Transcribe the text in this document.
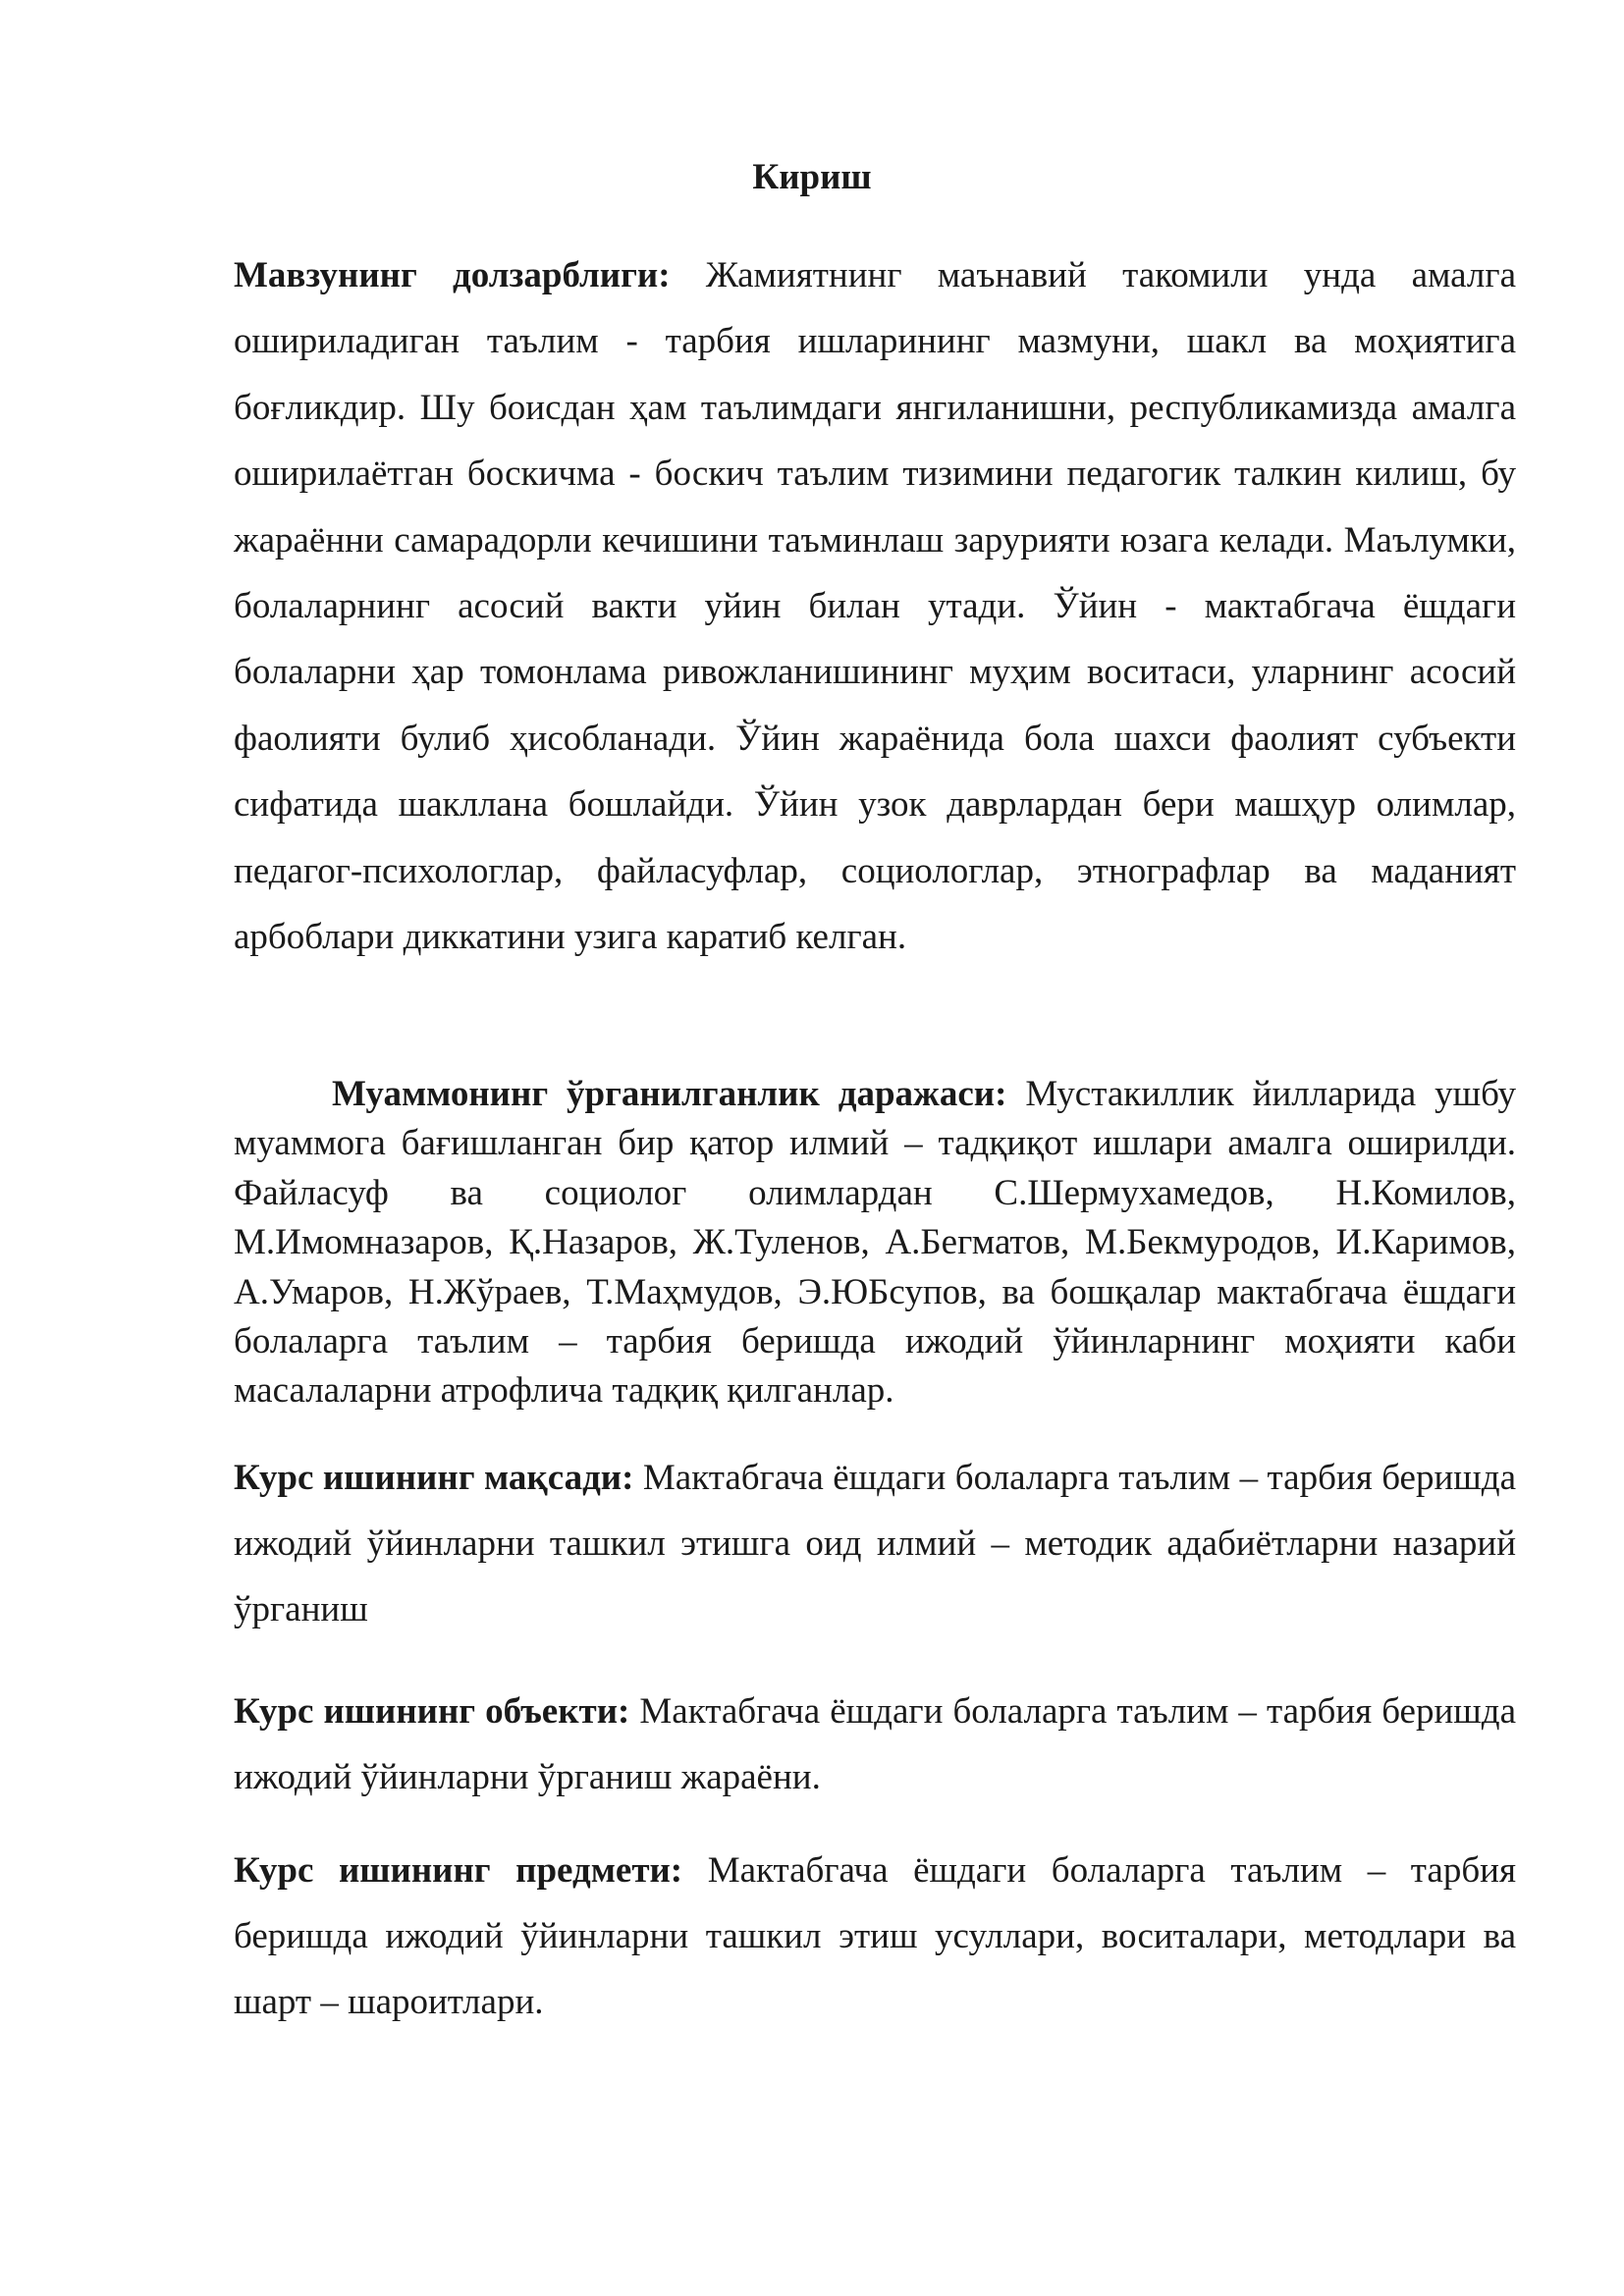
Кириш

Мавзунинг долзарблиги: Жамиятнинг маънавий такомили унда амалга ошириладиган таълим - тарбия ишларининг мазмуни, шакл ва моҳиятига боғликдир. Шу боисдан ҳам таълимдаги янгиланишни, республикамизда амалга оширилаётган боскичма - боскич таълим тизимини педагогик талкин килиш, бу жараённи самарадорли кечишини таъминлаш зарурияти юзага келади. Маълумки, болаларнинг асосий вакти уйин билан утади. Ўйин - мактабгача ёшдаги болаларни ҳар томонлама ривожланишининг муҳим воситаси, уларнинг асосий фаолияти булиб ҳисобланади. Ўйин жараёнида бола шахси фаолият субъекти сифатида шаклланa бошлайди. Ўйин узок даврлардан бери машҳур олимлар, педагог-психологлар, файласуфлар, социологлар, этнографлар ва маданият арбоблари диккатини узига каратиб келган.

Муаммонинг ўрганилганлик даражаси: Мустакиллик йилларида ушбу муаммога бағишланган бир қатор илмий – тадқиқот ишлари амалга оширилди. Файласуф ва социолог олимлардан С.Шермухамедов, Н.Комилов, М.Имомназаров, Қ.Назаров, Ж.Туленов, А.Бегматов, М.Бекмуродов, И.Каримов, А.Умаров, Н.Жўраев, Т.Маҳмудов, Э.ЮБсупов, ва бошқалар мактабгача ёшдаги болаларга таълим – тарбия беришда ижодий ўйинларнинг моҳияти каби масалаларни атрофлича тадқиқ қилганлар.

Курс ишининг мақсади: Мактабгача ёшдаги болаларга таълим – тарбия беришда ижодий ўйинларни ташкил этишга оид илмий – методик адабиётларни назарий ўрганиш

Курс ишининг объекти: Мактабгача ёшдаги болаларга таълим – тарбия беришда ижодий ўйинларни ўрганиш жараёни.

Курс ишининг предмети: Мактабгача ёшдаги болаларга таълим – тарбия беришда ижодий ўйинларни ташкил этиш усуллари, воситалари, методлари ва шарт – шароитлари.
